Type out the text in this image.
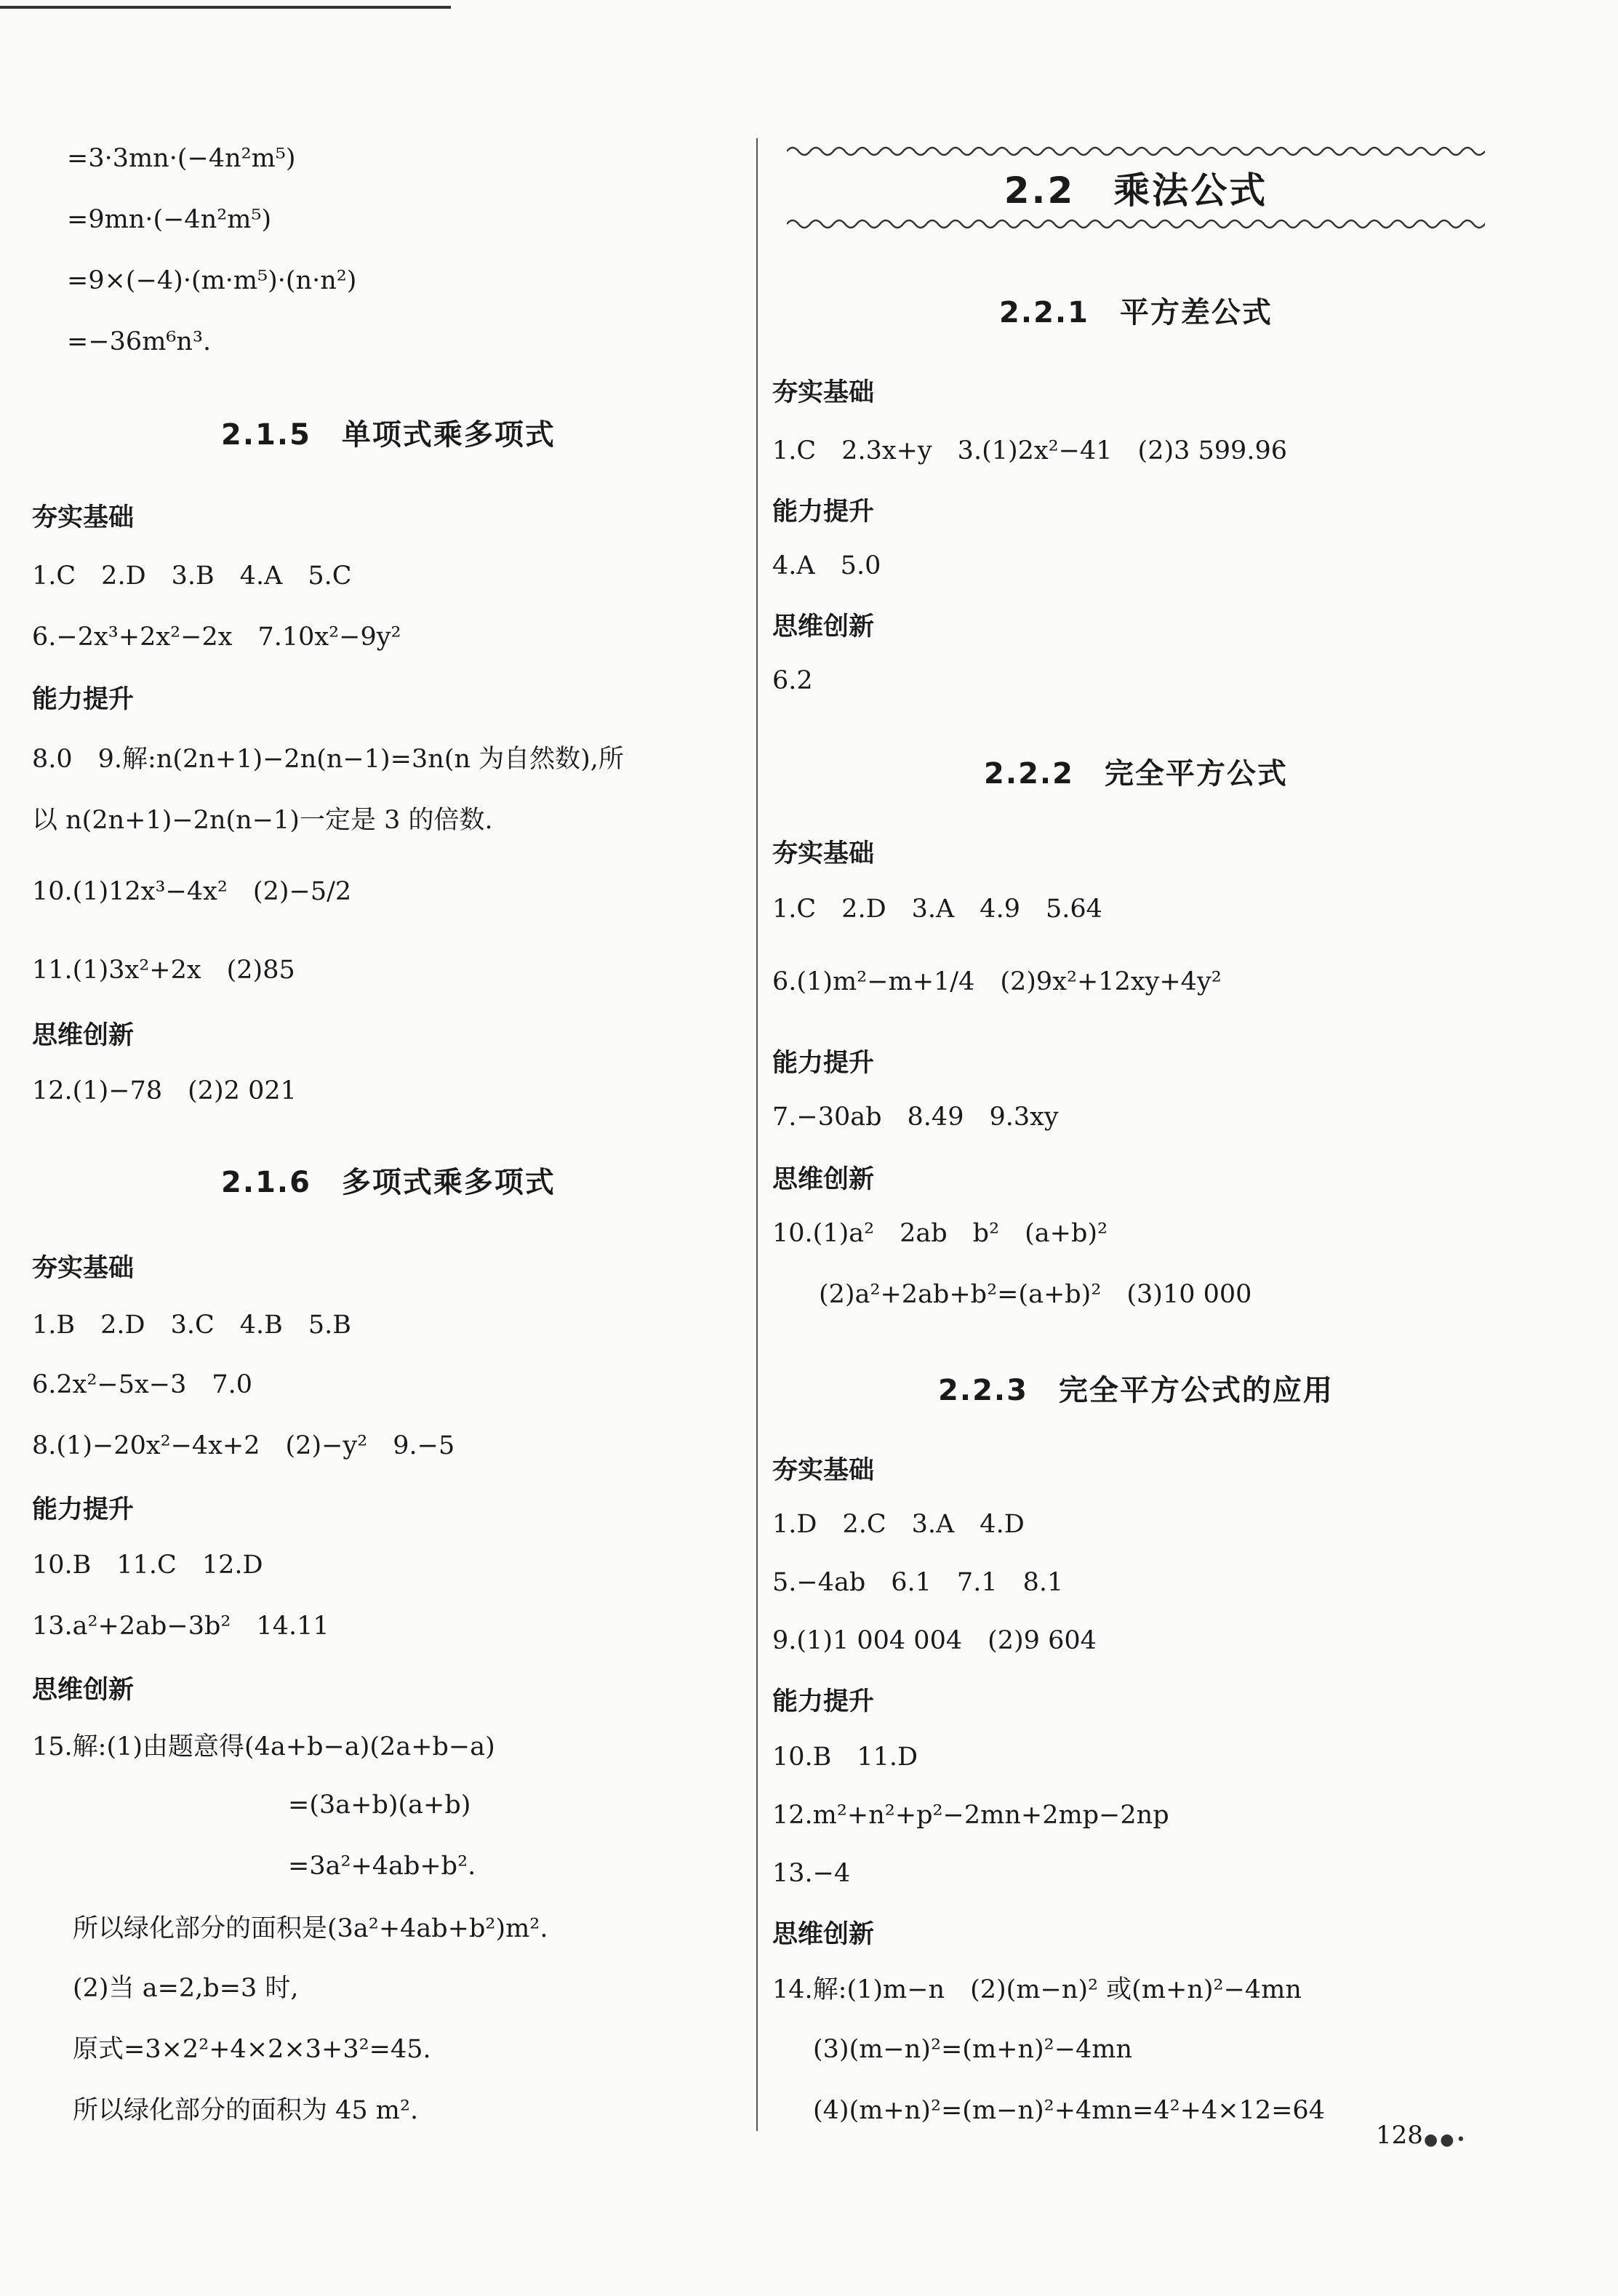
=3·3mn·(−4n²m⁵)
=9mn·(−4n²m⁵)
=9×(−4)·(m·m⁵)·(n·n²)
=−36m⁶n³.
2.1.5　单项式乘多项式
夯实基础
1.C　2.D　3.B　4.A　5.C
6.−2x³+2x²−2x　7.10x²−9y²
能力提升
8.0　9.解:n(2n+1)−2n(n−1)=3n(n 为自然数),所
以 n(2n+1)−2n(n−1)一定是 3 的倍数.
10.(1)12x³−4x²　(2)−5/2
11.(1)3x²+2x　(2)85
思维创新
12.(1)−78　(2)2 021
2.1.6　多项式乘多项式
夯实基础
1.B　2.D　3.C　4.B　5.B
6.2x²−5x−3　7.0
8.(1)−20x²−4x+2　(2)−y²　9.−5
能力提升
10.B　11.C　12.D
13.a²+2ab−3b²　14.11
思维创新
15.解:(1)由题意得(4a+b−a)(2a+b−a)
=(3a+b)(a+b)
=3a²+4ab+b².
所以绿化部分的面积是(3a²+4ab+b²)m².
(2)当 a=2,b=3 时,
原式=3×2²+4×2×3+3²=45.
所以绿化部分的面积为 45 m².
2.2　乘法公式
2.2.1　平方差公式
夯实基础
1.C　2.3x+y　3.(1)2x²−41　(2)3 599.96
能力提升
4.A　5.0
思维创新
6.2
2.2.2　完全平方公式
夯实基础
1.C　2.D　3.A　4.9　5.64
6.(1)m²−m+1/4　(2)9x²+12xy+4y²
能力提升
7.−30ab　8.49　9.3xy
思维创新
10.(1)a²　2ab　b²　(a+b)²
(2)a²+2ab+b²=(a+b)²　(3)10 000
2.2.3　完全平方公式的应用
夯实基础
1.D　2.C　3.A　4.D
5.−4ab　6.1　7.1　8.1
9.(1)1 004 004　(2)9 604
能力提升
10.B　11.D
12.m²+n²+p²−2mn+2mp−2np
13.−4
思维创新
14.解:(1)m−n　(2)(m−n)² 或(m+n)²−4mn
(3)(m−n)²=(m+n)²−4mn
(4)(m+n)²=(m−n)²+4mn=4²+4×12=64
128 ●●•
